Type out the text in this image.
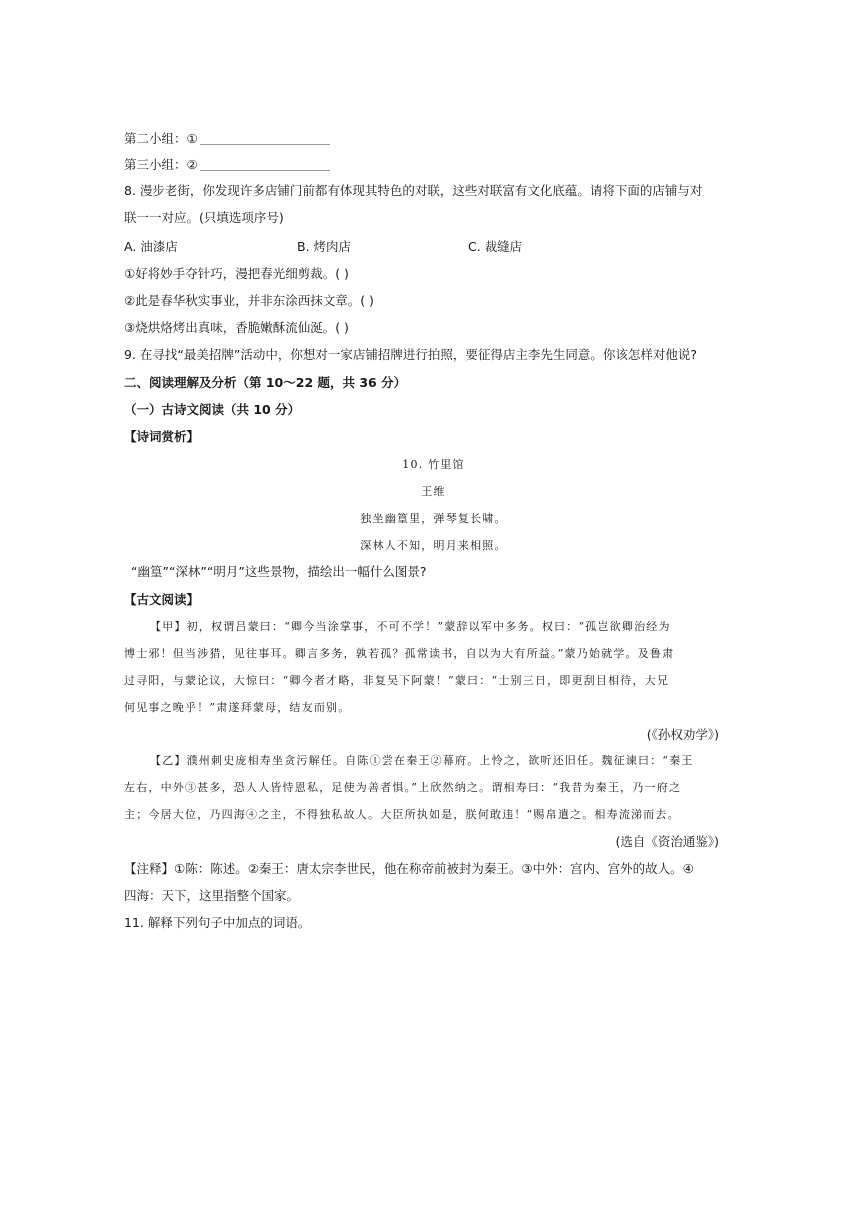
第二小组：①
第三小组：②
8. 漫步老街，你发现许多店铺门前都有体现其特色的对联，这些对联富有文化底蕴。请将下面的店铺与对
联一一对应。(只填选项序号)
A. 油漆店	B. 烤肉店	C. 裁缝店
①好将妙手夺针巧，漫把春光细剪裁。( )
②此是春华秋实事业，并非东涂西抹文章。( )
③烧烘烙烤出真味，香脆嫩酥流仙涎。( )
9. 在寻找“最美招牌”活动中，你想对一家店铺招牌进行拍照，要征得店主李先生同意。你该怎样对他说?
二、阅读理解及分析（第 10～22 题，共 36 分）
（一）古诗文阅读（共 10 分）
【诗词赏析】
10. 竹里馆
王维
独坐幽篁里，弹琴复长啸。
深林人不知，明月来相照。
“幽篁”“深林”“明月”这些景物，描绘出一幅什么图景?
【古文阅读】
【甲】初，权谓吕蒙曰：“卿今当涂掌事，不可不学！”蒙辞以军中多务。权曰：“孤岂欲卿治经为
博士邪！但当涉猎，见往事耳。卿言多务，孰若孤？孤常读书，自以为大有所益。”蒙乃始就学。及鲁肃
过寻阳，与蒙论议，大惊曰：“卿今者才略，非复吴下阿蒙！”蒙曰：“士别三日，即更刮目相待，大兄
何见事之晚乎！”肃遂拜蒙母，结友而别。
(《孙权劝学》)
【乙】濮州刺史庞相寿坐贪污解任。自陈①尝在秦王②幕府。上怜之，欲听还旧任。魏征谏曰：“秦王
左右，中外③甚多，恐人人皆恃恩私，足使为善者惧。”上欣然纳之。谓相寿曰：“我昔为秦王，乃一府之
主；今居大位，乃四海④之主，不得独私故人。大臣所执如是，朕何敢违！”赐帛遣之。相寿流涕而去。
(选自《资治通鉴》)
【注释】①陈：陈述。②秦王：唐太宗李世民，他在称帝前被封为秦王。③中外：宫内、宫外的故人。④
四海：天下，这里指整个国家。
11. 解释下列句子中加点的词语。
